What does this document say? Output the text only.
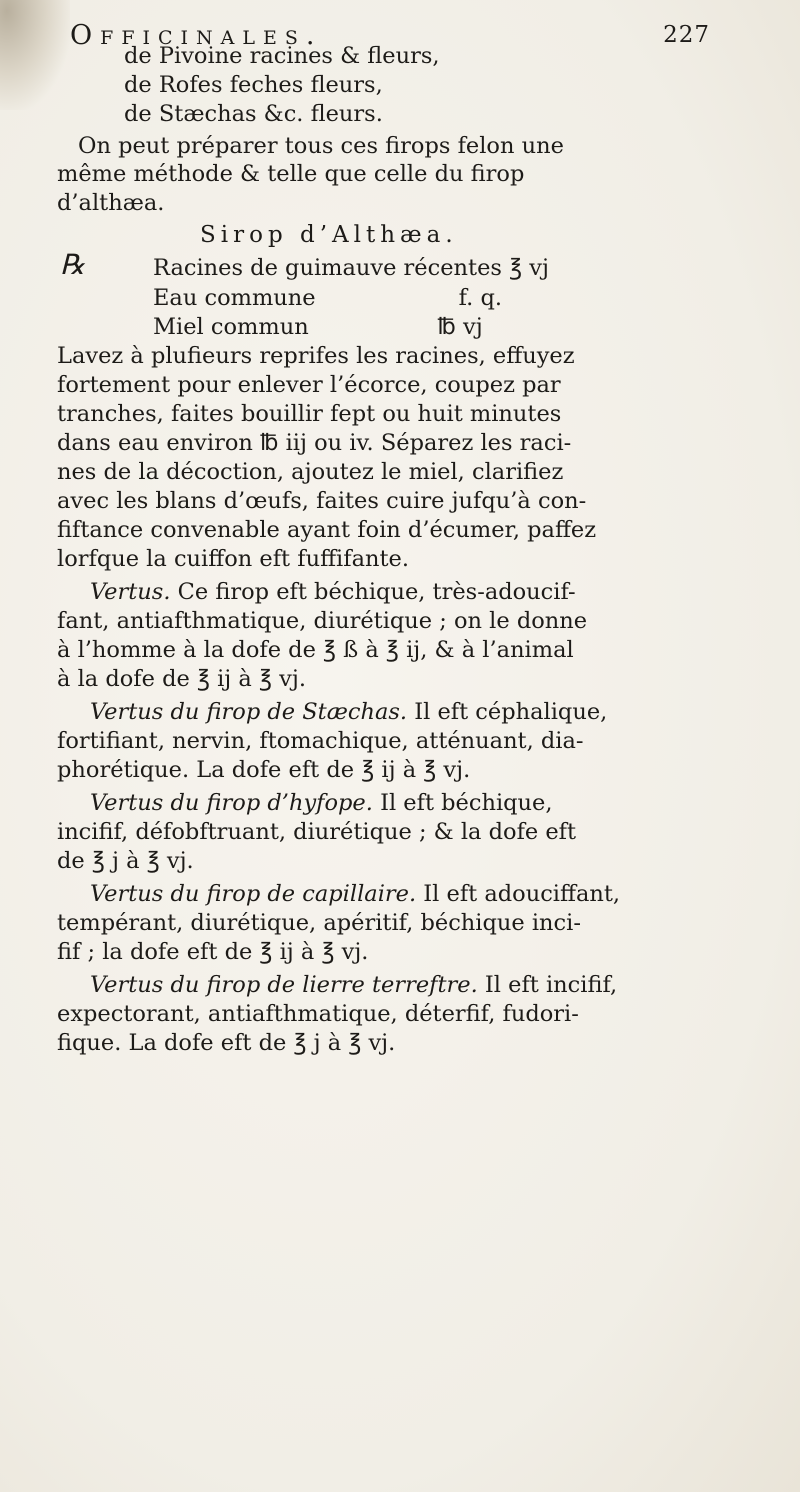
Officinales.	227
℞
de Pivoine racines & fleurs,
de Rofes feches fleurs,
de Stæchas &c. fleurs.
On peut préparer tous ces firops felon une
même méthode & telle que celle du firop
d’althæa.
Sirop d’Althæa.
Racines de guimauve récentes ℥ vj
Eau commune                    f. q.
Miel commun                  ℔ vj
Lavez à plufieurs reprifes les racines, effuyez
fortement pour enlever l’écorce, coupez par
tranches, faites bouillir fept ou huit minutes
dans eau environ ℔ iij ou iv. Séparez les raci-
nes de la décoction, ajoutez le miel, clarifiez
avec les blans d’œufs, faites cuire jufqu’à con-
fiftance convenable ayant foin d’écumer, paffez
lorfque la cuiffon eft fuffifante.
Vertus. Ce firop eft béchique, très-adoucif-
fant, antiafthmatique, diurétique ; on le donne
à l’homme à la dofe de ℥ ß à ℥ ij, & à l’animal
à la dofe de ℥ ij à ℥ vj.
Vertus du firop de Stæchas. Il eft céphalique,
fortifiant, nervin, ftomachique, atténuant, dia-
phorétique. La dofe eft de ℥ ij à ℥ vj.
Vertus du firop d’hyfope. Il eft béchique,
incifif, défobftruant, diurétique ; & la dofe eft
de ℥ j à ℥ vj.
Vertus du firop de capillaire. Il eft adouciffant,
tempérant, diurétique, apéritif, béchique inci-
fif ; la dofe eft de ℥ ij à ℥ vj.
Vertus du firop de lierre terreftre. Il eft incifif,
expectorant, antiafthmatique, déterfif, fudori-
fique. La dofe eft de ℥ j à ℥ vj.
